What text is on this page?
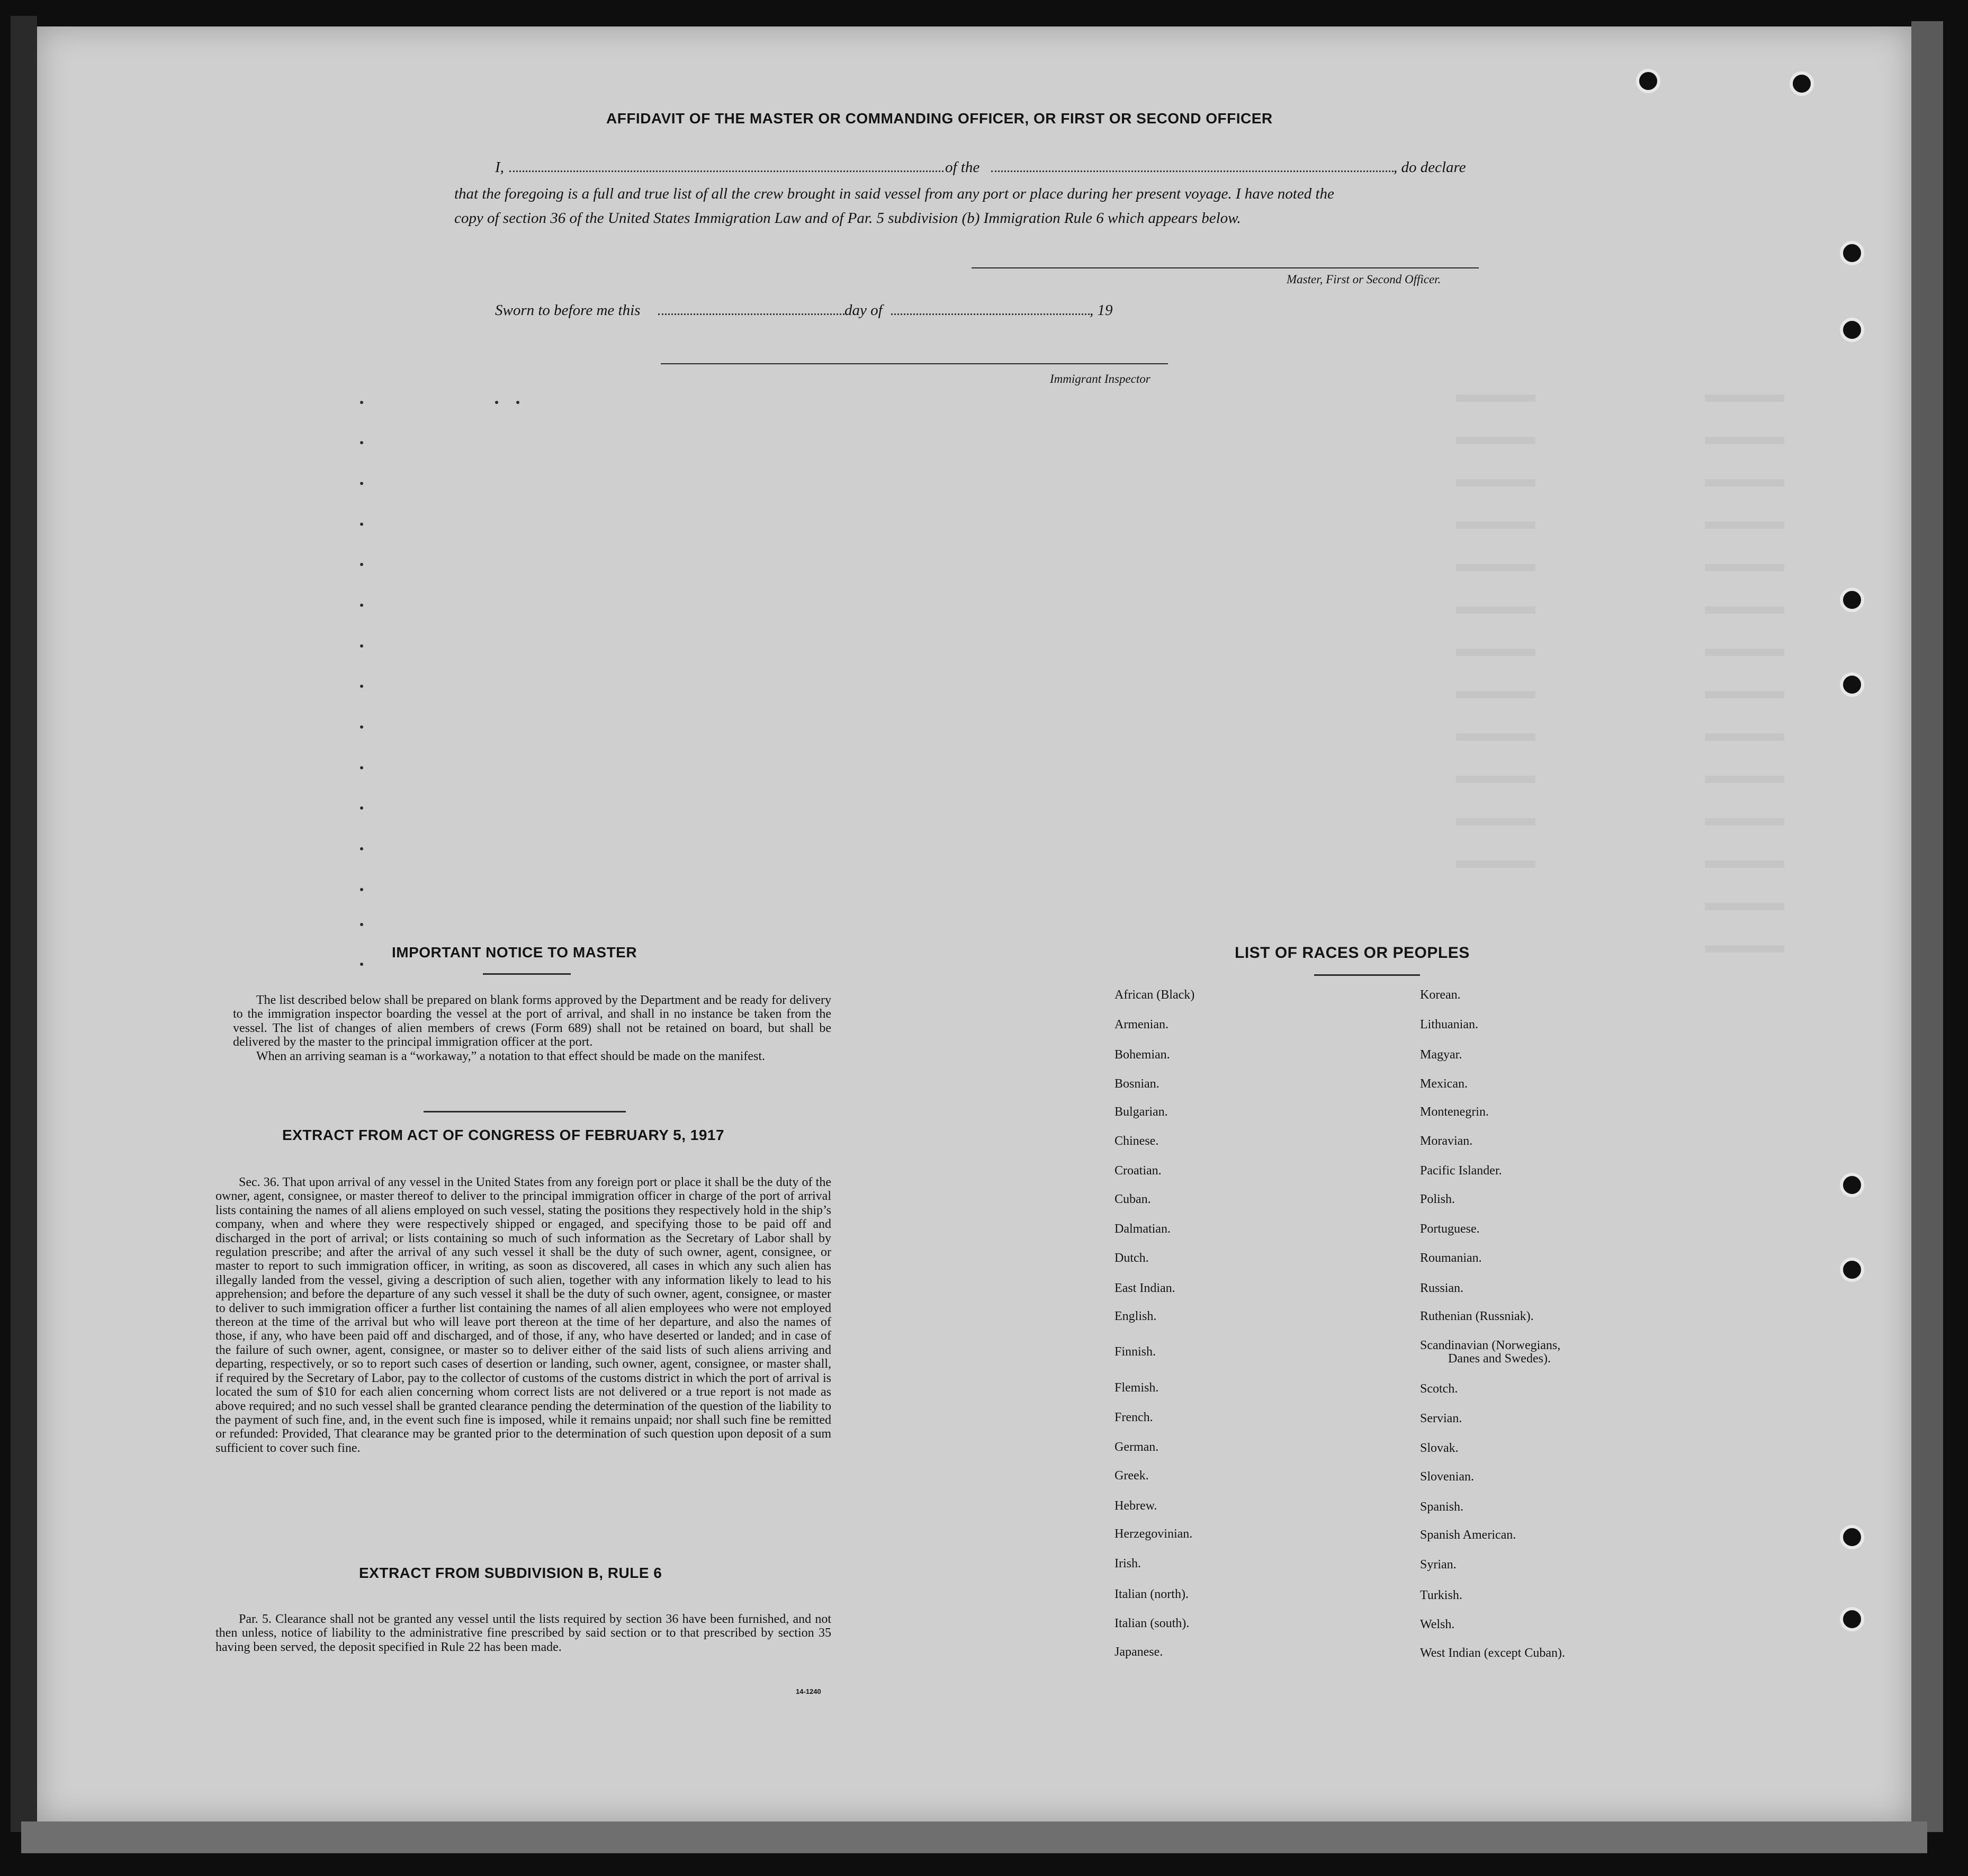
AFFIDAVIT OF THE MASTER OR COMMANDING OFFICER, OR FIRST OR SECOND OFFICER

I,	of the	, do declare

that the foregoing is a full and true list of all the crew brought in said vessel from any port or place during her present voyage. I have noted the

copy of section 36 of the United States Immigration Law and of Par. 5 subdivision (b) Immigration Rule 6 which appears below.

Master, First or Second Officer.
Sworn to before me this	day of	, 19
Immigrant Inspector

IMPORTANT NOTICE TO MASTER

The list described below shall be prepared on blank forms approved by the Department and be ready for delivery to the immigration inspector boarding the vessel at the port of arrival, and shall in no instance be taken from the vessel. The list of changes of alien members of crews (Form 689) shall not be retained on board, but shall be delivered by the master to the principal immigration officer at the port.

When an arriving seaman is a “workaway,” a notation to that effect should be made on the manifest.

EXTRACT FROM ACT OF CONGRESS OF FEBRUARY 5, 1917

Sec. 36. That upon arrival of any vessel in the United States from any foreign port or place it shall be the duty of the owner, agent, consignee, or master thereof to deliver to the principal immigration officer in charge of the port of arrival lists containing the names of all aliens employed on such vessel, stating the positions they respectively hold in the ship’s company, when and where they were respectively shipped or engaged, and specifying those to be paid off and discharged in the port of arrival; or lists containing so much of such information as the Secretary of Labor shall by regulation prescribe; and after the arrival of any such vessel it shall be the duty of such owner, agent, consignee, or master to report to such immigration officer, in writing, as soon as discovered, all cases in which any such alien has illegally landed from the vessel, giving a description of such alien, together with any information likely to lead to his apprehension; and before the departure of any such vessel it shall be the duty of such owner, agent, consignee, or master to deliver to such immigration officer a further list containing the names of all alien employees who were not employed thereon at the time of the arrival but who will leave port thereon at the time of her departure, and also the names of those, if any, who have been paid off and discharged, and of those, if any, who have deserted or landed; and in case of the failure of such owner, agent, consignee, or master so to deliver either of the said lists of such aliens arriving and departing, respectively, or so to report such cases of desertion or landing, such owner, agent, consignee, or master shall, if required by the Secretary of Labor, pay to the collector of customs of the customs district in which the port of arrival is located the sum of $10 for each alien concerning whom correct lists are not delivered or a true report is not made as above required; and no such vessel shall be granted clearance pending the determination of the question of the liability to the payment of such fine, and, in the event such fine is imposed, while it remains unpaid; nor shall such fine be remitted or refunded: Provided, That clearance may be granted prior to the determination of such question upon deposit of a sum sufficient to cover such fine.

EXTRACT FROM SUBDIVISION B, RULE 6

Par. 5. Clearance shall not be granted any vessel until the lists required by section 36 have been furnished, and not then unless, notice of liability to the administrative fine prescribed by said section or to that prescribed by section 35 having been served, the deposit specified in Rule 22 has been made.

14-1240

LIST OF RACES OR PEOPLES

African (Black)
Armenian.
Bohemian.
Bosnian.
Bulgarian.
Chinese.
Croatian.
Cuban.
Dalmatian.
Dutch.
East Indian.
English.
Finnish.
Flemish.
French.
German.
Greek.
Hebrew.
Herzegovinian.
Irish.
Italian (north).
Italian (south).
Japanese.
Korean.
Lithuanian.
Magyar.
Mexican.
Montenegrin.
Moravian.
Pacific Islander.
Polish.
Portuguese.
Roumanian.
Russian.
Ruthenian (Russniak).
Scandinavian (Norwegians,
Danes and Swedes).
Scotch.
Servian.
Slovak.
Slovenian.
Spanish.
Spanish American.
Syrian.
Turkish.
Welsh.
West Indian (except Cuban).
